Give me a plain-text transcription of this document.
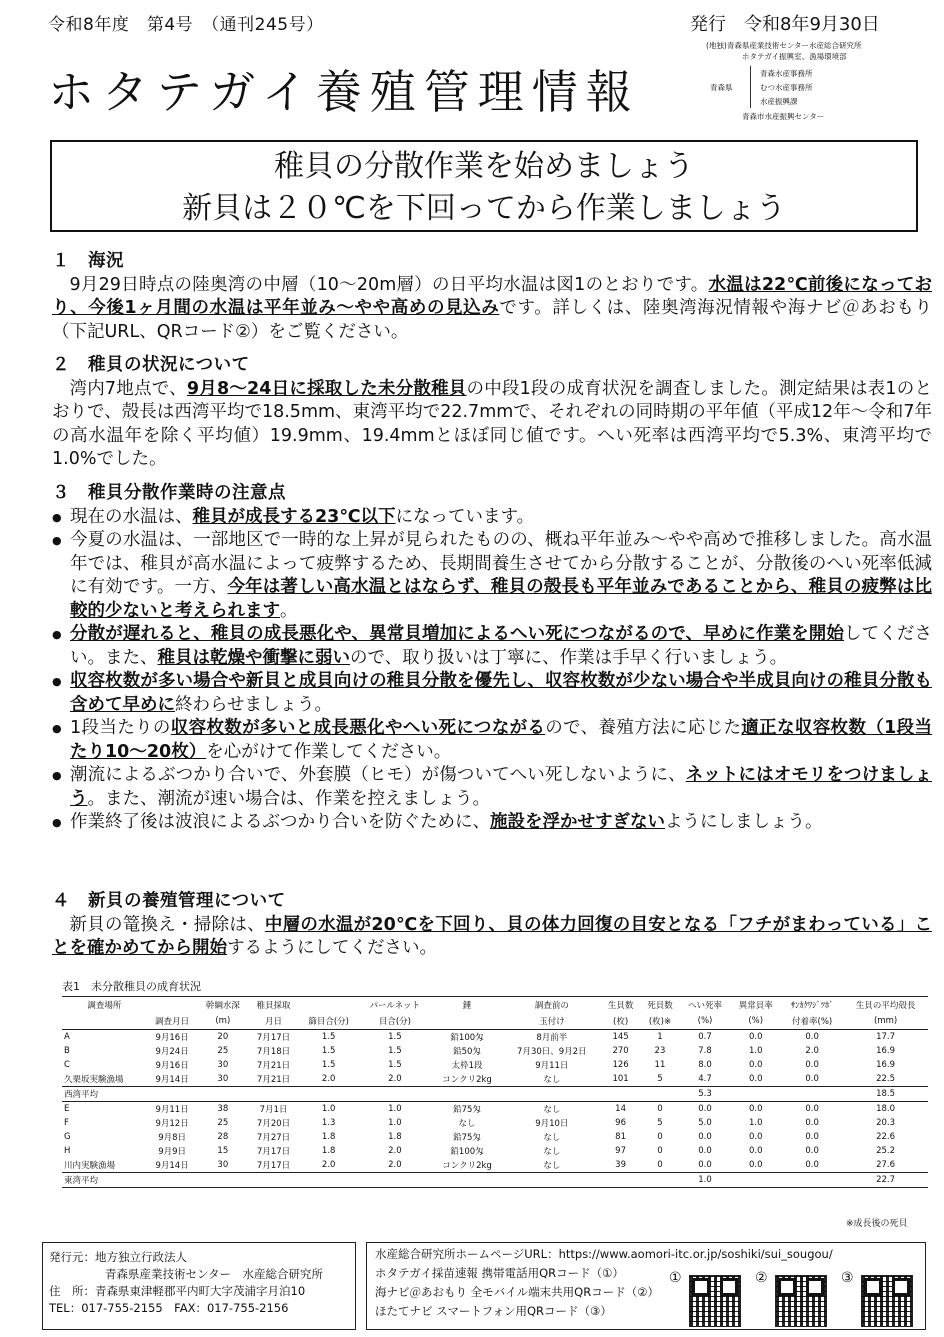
令和8年度　第4号　（通刊245号）	発行　令和8年9月30日
ホタテガイ養殖管理情報
(地独)青森県産業技術センター水産総合研究所
ホタテガイ振興室、漁場環境部
青森県
青森水産事務所
むつ水産事務所
水産振興課
青森市水産振興センター
稚貝の分散作業を始めましょう
新貝は２０℃を下回ってから作業しましょう
１　海況

9月29日時点の陸奥湾の中層（10～20m層）の日平均水温は図1のとおりです。水温は22℃前後になっており、今後1ヶ月間の水温は平年並み～やや高めの見込みです。詳しくは、陸奥湾海況情報や海ナビ＠あおもり（下記URL、QRコード②）をご覧ください。

２　稚貝の状況について

湾内7地点で、9月8～24日に採取した未分散稚貝の中段1段の成育状況を調査しました。測定結果は表1のとおりで、殻長は西湾平均で18.5mm、東湾平均で22.7mmで、それぞれの同時期の平年値（平成12年～令和7年の高水温年を除く平均値）19.9mm、19.4mmとほぼ同じ値です。へい死率は西湾平均で5.3%、東湾平均で1.0%でした。

３　稚貝分散作業時の注意点
● 現在の水温は、稚貝が成長する23℃以下になっています。
● 今夏の水温は、一部地区で一時的な上昇が見られたものの、概ね平年並み～やや高めで推移しました。高水温年では、稚貝が高水温によって疲弊するため、長期間養生させてから分散することが、分散後のへい死率低減に有効です。一方、今年は著しい高水温とはならず、稚貝の殻長も平年並みであることから、稚貝の疲弊は比較的少ないと考えられます。
● 分散が遅れると、稚貝の成長悪化や、異常貝増加によるへい死につながるので、早めに作業を開始してください。また、稚貝は乾燥や衝撃に弱いので、取り扱いは丁寧に、作業は手早く行いましょう。
● 収容枚数が多い場合や新貝と成貝向けの稚貝分散を優先し、収容枚数が少ない場合や半成貝向けの稚貝分散も含めて早めに終わらせましょう。
● 1段当たりの収容枚数が多いと成長悪化やへい死につながるので、養殖方法に応じた適正な収容枚数（1段当たり10～20枚）を心がけて作業してください。
● 潮流によるぶつかり合いで、外套膜（ヒモ）が傷ついてへい死しないように、ネットにはオモリをつけましょう。また、潮流が速い場合は、作業を控えましょう。
● 作業終了後は波浪によるぶつかり合いを防ぐために、施設を浮かせすぎないようにしましょう。
４　新貝の養殖管理について

新貝の篭換え・掃除は、中層の水温が20℃を下回り、貝の体力回復の目安となる「フチがまわっている」ことを確かめてから開始するようにしてください。

表1　未分散稚貝の成育状況
調査場所		幹綱水深	稚貝採取		パールネット	錘	調査前の	生貝数	死貝数	へい死率	異常貝率	ｻﾝｶｸﾜｼﾞﾂﾎﾞ	生貝の平均殻長
	調査月日	(m)	月日	篩目合(分)	目合(分)		玉付け	(枚)	(枚)※	(%)	(%)	付着率(%)	(mm)
A	9月16日	20	7月17日	1.5	1.5	鉛100匁	8月前半	145	1	0.7	0.0	0.0	17.7
B	9月24日	25	7月18日	1.5	1.5	鉛50匁	7月30日、9月2日	270	23	7.8	1.0	2.0	16.9
C	9月16日	30	7月21日	1.5	1.5	太枠1段	9月11日	126	11	8.0	0.0	0.0	16.9
久栗坂実験漁場	9月14日	30	7月21日	2.0	2.0	コンクリ2kg	なし	101	5	4.7	0.0	0.0	22.5
西湾平均										5.3			18.5
E	9月11日	38	7月1日	1.0	1.0	鉛75匁	なし	14	0	0.0	0.0	0.0	18.0
F	9月12日	25	7月20日	1.3	1.0	なし	9月10日	96	5	5.0	1.0	0.0	20.3
G	9月8日	28	7月27日	1.8	1.8	鉛75匁	なし	81	0	0.0	0.0	0.0	22.6
H	9月9日	15	7月17日	1.8	2.0	鉛100匁	なし	97	0	0.0	0.0	0.0	25.2
川内実験漁場	9月14日	30	7月17日	2.0	2.0	コンクリ2kg	なし	39	0	0.0	0.0	0.0	27.6
東湾平均										1.0			22.7
※成長後の死貝
発行元：地方独立行政法人
青森県産業技術センター　水産総合研究所
住　所：青森県東津軽郡平内町大字茂浦字月泊10
TEL：017-755-2155　FAX：017-755-2156
水産総合研究所ホームページURL：https://www.aomori-itc.or.jp/soshiki/sui_sougou/
ホタテガイ採苗速報 携帯電話用QRコード（①）
海ナビ＠あおもり 全モバイル端末共用QRコード（②）
ほたてナビ スマートフォン用QRコード（③）
①	②	③
